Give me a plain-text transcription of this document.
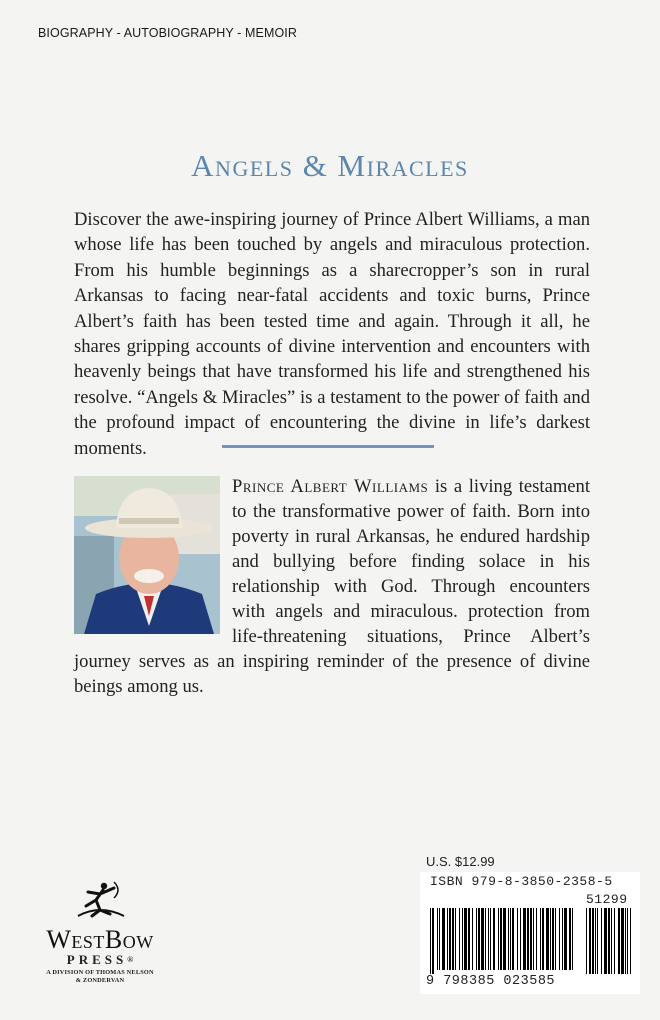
BIOGRAPHY - AUTOBIOGRAPHY - MEMOIR
Angels & Miracles

Discover the awe-inspiring journey of Prince Albert Williams, a man whose life has been touched by angels and miraculous protection. From his humble beginnings as a sharecropper’s son in rural Arkansas to facing near-fatal accidents and toxic burns, Prince Albert’s faith has been tested time and again. Through it all, he shares gripping accounts of divine intervention and encounters with heavenly beings that have transformed his life and strengthened his resolve. “Angels & Miracles” is a testament to the power of faith and the profound impact of encountering the divine in life’s darkest moments.

Prince Albert Williams is a living testament to the transformative power of faith. Born into poverty in rural Arkansas, he endured hardship and bullying before finding solace in his relationship with God. Through encounters with angels and miraculous. protection from life-threatening situations, Prince Albert’s journey serves as an inspiring reminder of the presence of divine beings among us.

WestBow
PRESS®
A DIVISION OF THOMAS NELSON
& ZONDERVAN
U.S. $12.99
ISBN 979-8-3850-2358-5
51299
9 798385 023585
